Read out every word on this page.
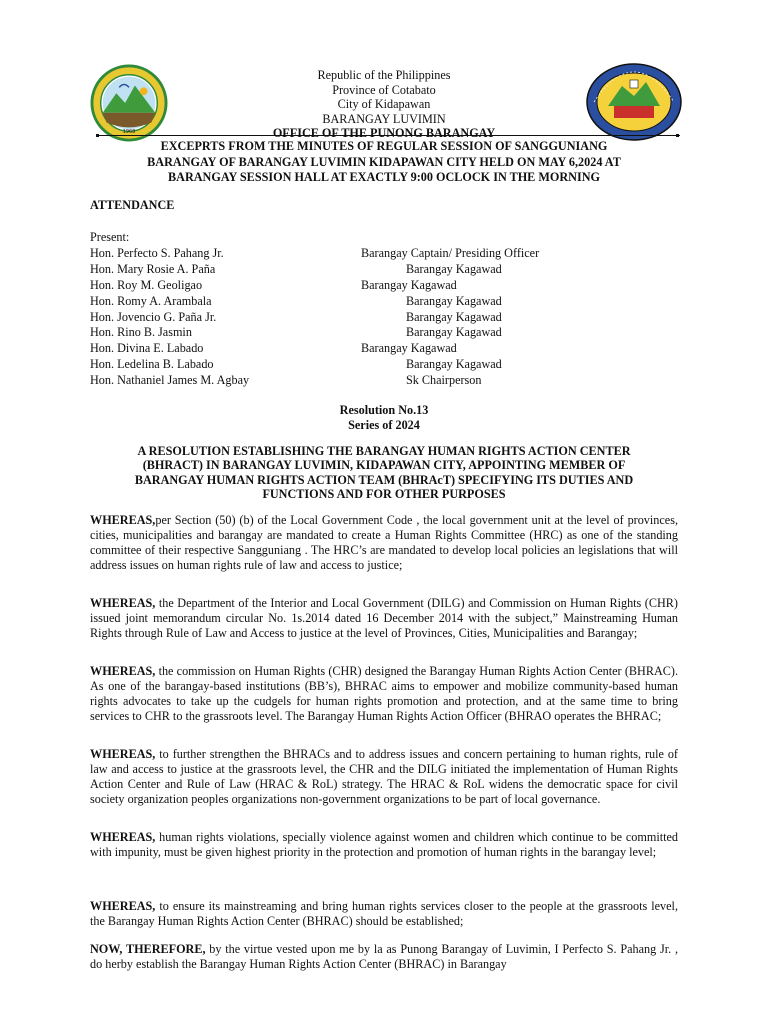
1968
Republic of the Philippines
Province of Cotabato
City of Kidapawan
BARANGAY LUVIMIN
OFFICE OF THE PUNONG BARANGAY
EXCEPRTS FROM THE MINUTES OF REGULAR SESSION OF SANGGUNIANG
BARANGAY OF BARANGAY LUVIMIN KIDAPAWAN CITY HELD ON MAY 6,2024 AT
BARANGAY SESSION HALL AT EXACTLY 9:00 OCLOCK IN THE MORNING
ATTENDANCE
Present:
Hon. Perfecto S. Pahang Jr.	Barangay Captain/ Presiding Officer
Hon. Mary Rosie A. Paña	Barangay Kagawad
Hon. Roy M. Geoligao	Barangay Kagawad
Hon. Romy A. Arambala	Barangay Kagawad
Hon. Jovencio G. Paña Jr.	Barangay Kagawad
Hon. Rino B. Jasmin	Barangay Kagawad
Hon. Divina E. Labado	Barangay Kagawad
Hon. Ledelina B. Labado	Barangay Kagawad
Hon. Nathaniel James M. Agbay	Sk Chairperson
Resolution No.13
Series of 2024
A RESOLUTION ESTABLISHING THE BARANGAY HUMAN RIGHTS ACTION CENTER
(BHRACT) IN BARANGAY LUVIMIN, KIDAPAWAN CITY, APPOINTING MEMBER OF
BARANGAY HUMAN RIGHTS ACTION TEAM (BHRAcT) SPECIFYING ITS DUTIES AND
FUNCTIONS AND FOR OTHER PURPOSES
WHEREAS,per Section (50) (b) of the Local Government Code , the local government unit at the level of provinces, cities, municipalities and barangay are mandated to create a Human Rights Committee (HRC) as one of the standing committee of their respective Sangguniang . The HRC’s are mandated to develop local policies an legislations that will address issues on human rights rule of law and access to justice;
WHEREAS, the Department of the Interior and Local Government (DILG) and Commission on Human Rights (CHR) issued joint memorandum circular No. 1s.2014 dated 16 December 2014 with the subject,” Mainstreaming Human Rights through Rule of Law and Access to justice at the level of Provinces, Cities, Municipalities and Barangay;
WHEREAS, the commission on Human Rights (CHR) designed the Barangay Human Rights Action Center (BHRAC). As one of the barangay-based institutions (BB’s), BHRAC aims to empower and mobilize community-based human rights advocates to take up the cudgels for human rights promotion and protection, and at the same time to bring services to CHR to the grassroots level. The Barangay Human Rights Action Officer (BHRAO operates the BHRAC;
WHEREAS, to further strengthen the BHRACs and to address issues and concern pertaining to human rights, rule of law and access to justice at the grassroots level, the CHR and the DILG initiated the implementation of Human Rights Action Center and Rule of Law (HRAC & RoL) strategy. The HRAC & RoL widens the democratic space for civil society organization peoples organizations non-government organizations to be part of local governance.
WHEREAS, human rights violations, specially violence against women and children which continue to be committed with impunity, must be given highest priority in the protection and promotion of human rights in the barangay level;
WHEREAS, to ensure its mainstreaming and bring human rights services closer to the people at the grassroots level, the Barangay Human Rights Action Center (BHRAC) should be established;
NOW, THEREFORE, by the virtue vested upon me by la as Punong Barangay of Luvimin, I Perfecto S. Pahang Jr. , do herby establish the Barangay Human Rights Action Center (BHRAC) in Barangay
